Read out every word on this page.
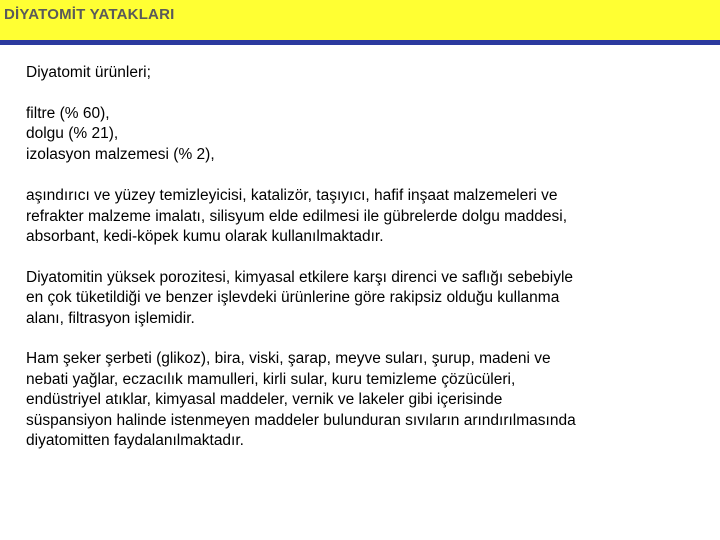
DİYATOMİT YATAKLARI

Diyatomit ürünleri;

filtre (% 60),
dolgu (% 21),
izolasyon malzemesi (% 2),

aşındırıcı ve yüzey temizleyicisi, katalizör, taşıyıcı, hafif inşaat malzemeleri ve
refrakter malzeme imalatı, silisyum elde edilmesi ile gübrelerde dolgu maddesi,
absorbant, kedi-köpek kumu olarak kullanılmaktadır.

Diyatomitin yüksek porozitesi, kimyasal etkilere karşı direnci ve saflığı sebebiyle
en çok tüketildiği ve benzer işlevdeki ürünlerine göre rakipsiz olduğu kullanma
alanı, filtrasyon işlemidir.

Ham şeker şerbeti (glikoz), bira, viski, şarap, meyve suları, şurup, madeni ve
nebati yağlar, eczacılık mamulleri, kirli sular, kuru temizleme çözücüleri,
endüstriyel atıklar, kimyasal maddeler, vernik ve lakeler gibi içerisinde
süspansiyon halinde istenmeyen maddeler bulunduran sıvıların arındırılmasında
diyatomitten faydalanılmaktadır.
